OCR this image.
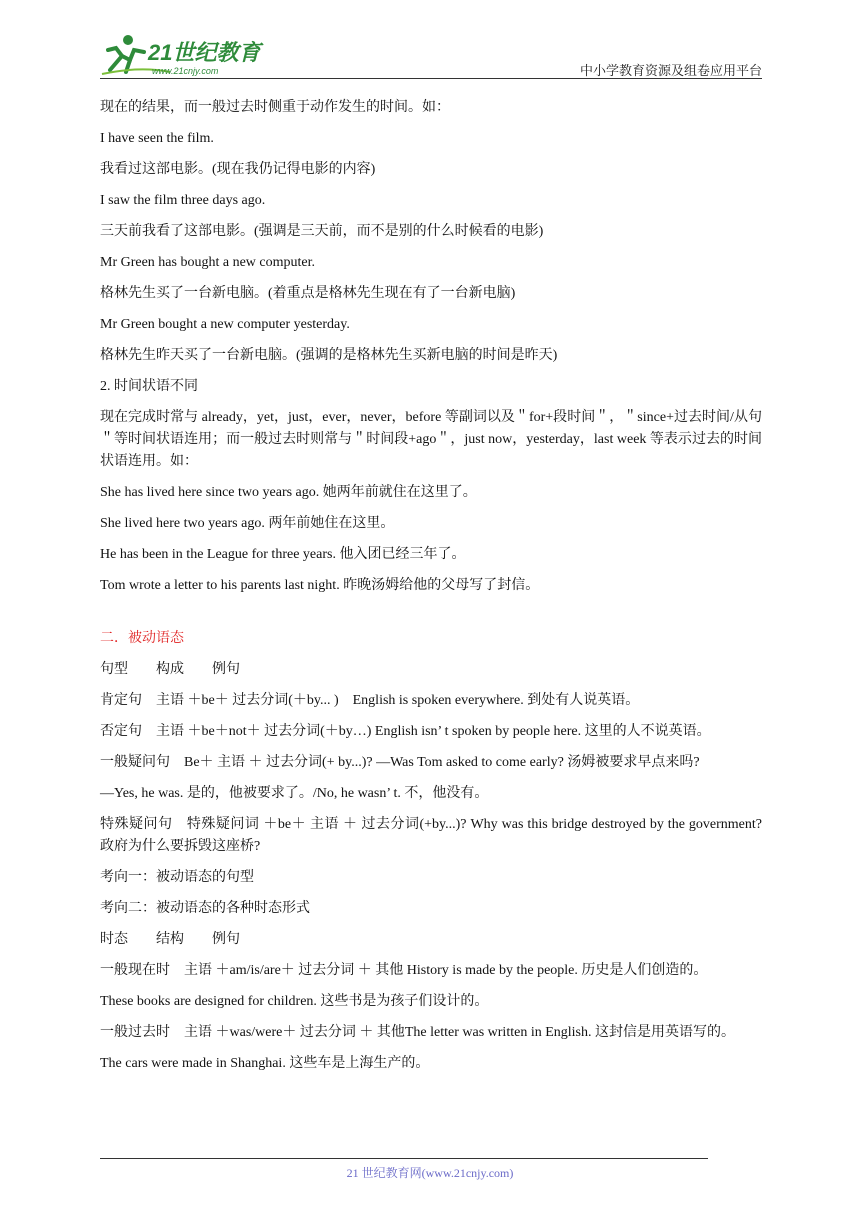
21世纪教育
www.21cnjy.com	中小学教育资源及组卷应用平台

现在的结果，而一般过去时侧重于动作发生的时间。如：

I have seen the film.

我看过这部电影。(现在我仍记得电影的内容)

I saw the film three days ago.

三天前我看了这部电影。(强调是三天前，而不是别的什么时候看的电影)

Mr Green has bought a new computer.

格林先生买了一台新电脑。(着重点是格林先生现在有了一台新电脑)

Mr Green bought a new computer yesterday.

格林先生昨天买了一台新电脑。(强调的是格林先生买新电脑的时间是昨天)

2. 时间状语不同

现在完成时常与 already，yet，just，ever，never，before 等副词以及＂for+段时间＂，＂since+过去时间/从句＂等时间状语连用；而一般过去时则常与＂时间段+ago＂，just now，yesterday，last week 等表示过去的时间状语连用。如：

She has lived here since two years ago. 她两年前就住在这里了。

She lived here two years ago. 两年前她住在这里。

He has been in the League for three years. 他入团已经三年了。

Tom wrote a letter to his parents last night. 昨晚汤姆给他的父母写了封信。

二．被动语态

句型　　构成　　例句

肯定句　主语 ＋be＋ 过去分词(＋by... )　English is spoken everywhere. 到处有人说英语。

否定句　主语 ＋be＋not＋ 过去分词(＋by…) English isn’ t spoken by people here. 这里的人不说英语。

一般疑问句　Be＋ 主语 ＋ 过去分词(+ by...)? —Was Tom asked to come early? 汤姆被要求早点来吗?

—Yes, he was. 是的，他被要求了。/No, he wasn’ t. 不，他没有。

特殊疑问句　特殊疑问词 ＋be＋ 主语 ＋ 过去分词(+by...)? Why was this bridge destroyed by the government? 政府为什么要拆毁这座桥?

考向一：被动语态的句型

考向二：被动语态的各种时态形式

时态　　结构　　例句

一般现在时　主语 ＋am/is/are＋ 过去分词 ＋ 其他 History is made by the people. 历史是人们创造的。

These books are designed for children. 这些书是为孩子们设计的。

一般过去时　主语 ＋was/were＋ 过去分词 ＋ 其他The letter was written in English. 这封信是用英语写的。

The cars were made in Shanghai. 这些车是上海生产的。

21 世纪教育网(www.21cnjy.com)
